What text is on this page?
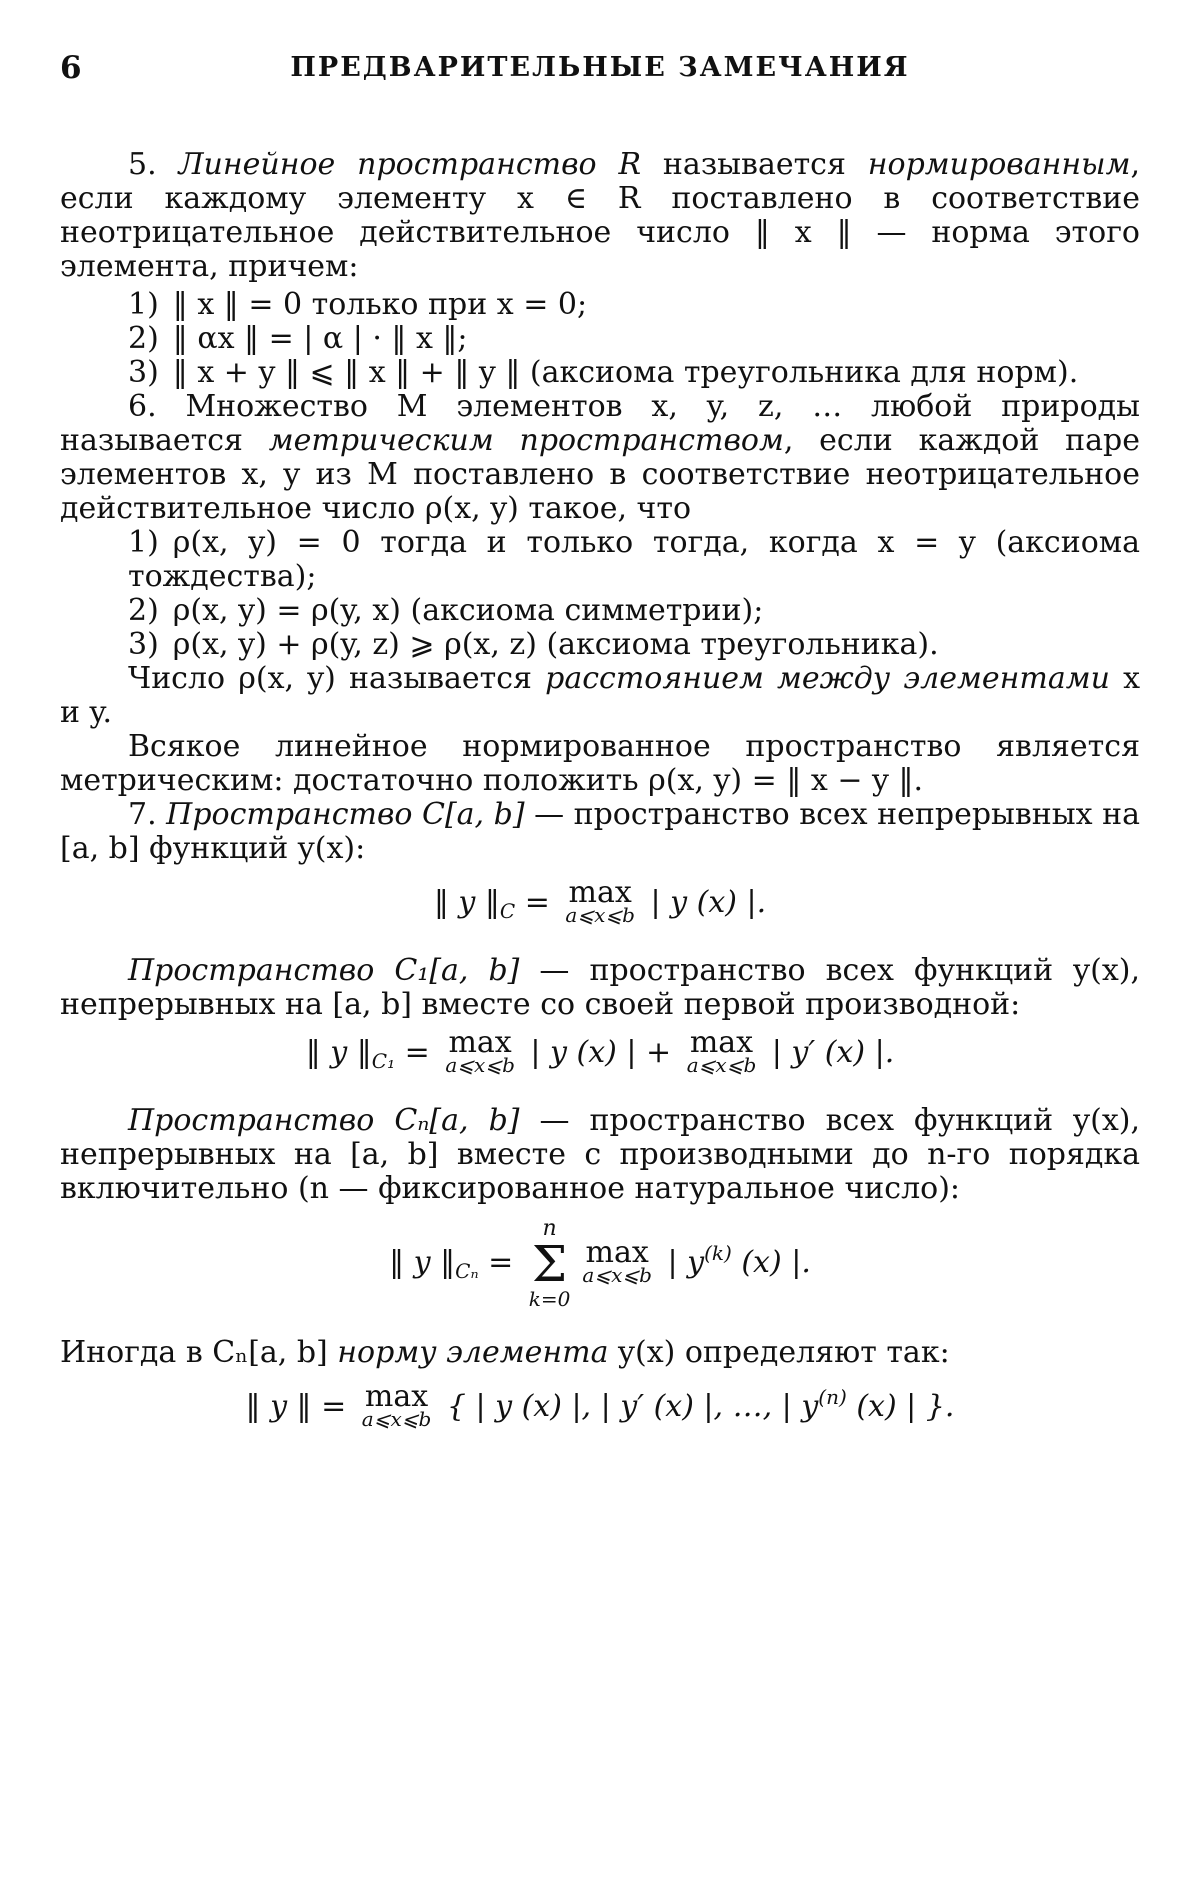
6	ПРЕДВАРИТЕЛЬНЫЕ ЗАМЕЧАНИЯ

5. Линейное пространство R называется нормированным, если каждому элементу x ∈ R поставлено в соответствие неотрицательное действительное число ‖ x ‖ — норма этого элемента, причем:

1) ‖ x ‖ = 0 только при x = 0;

2) ‖ αx ‖ = | α | · ‖ x ‖;

3) ‖ x + y ‖ ⩽ ‖ x ‖ + ‖ y ‖ (аксиома треугольника для норм).

6. Множество M элементов x, y, z, … любой природы называется метрическим пространством, если каждой паре элементов x, y из M поставлено в соответствие неотрицательное действительное число ρ(x, y) такое, что

1) ρ(x, y) = 0 тогда и только тогда, когда x = y (аксиома тождества);

2) ρ(x, y) = ρ(y, x) (аксиома симметрии);

3) ρ(x, y) + ρ(y, z) ⩾ ρ(x, z) (аксиома треугольника).

Число ρ(x, y) называется расстоянием между элементами x и y.

Всякое линейное нормированное пространство является метрическим: достаточно положить ρ(x, y) = ‖ x − y ‖.

7. Пространство C[a, b] — пространство всех непрерывных на [a, b] функций y(x):

‖ y $‖_C = \max$
a⩽x⩽b | y (x) |.

Пространство C₁[a, b] — пространство всех функций y(x), непрерывных на [a, b] вместе со своей первой производной:

‖ y $‖_{C_1} = \max$
a⩽x⩽b | y (x) | + max
a⩽x⩽b | y′ (x) |.

Пространство Cₙ[a, b] — пространство всех функций y(x), непрерывных на [a, b] вместе с производными до n-го порядка включительно (n — фиксированное натуральное число):

‖ y $‖_{C_n}$ =
n
Σ
k=0
max
a⩽x⩽b | $y^{(k)}$ (x) |.

Иногда в Cₙ[a, b] норму элемента y(x) определяют так:

‖ y ‖ = max
a⩽x⩽b { | y (x) |, | y′ (x) |, …, | $y^{(n)}$ (x) | }.
